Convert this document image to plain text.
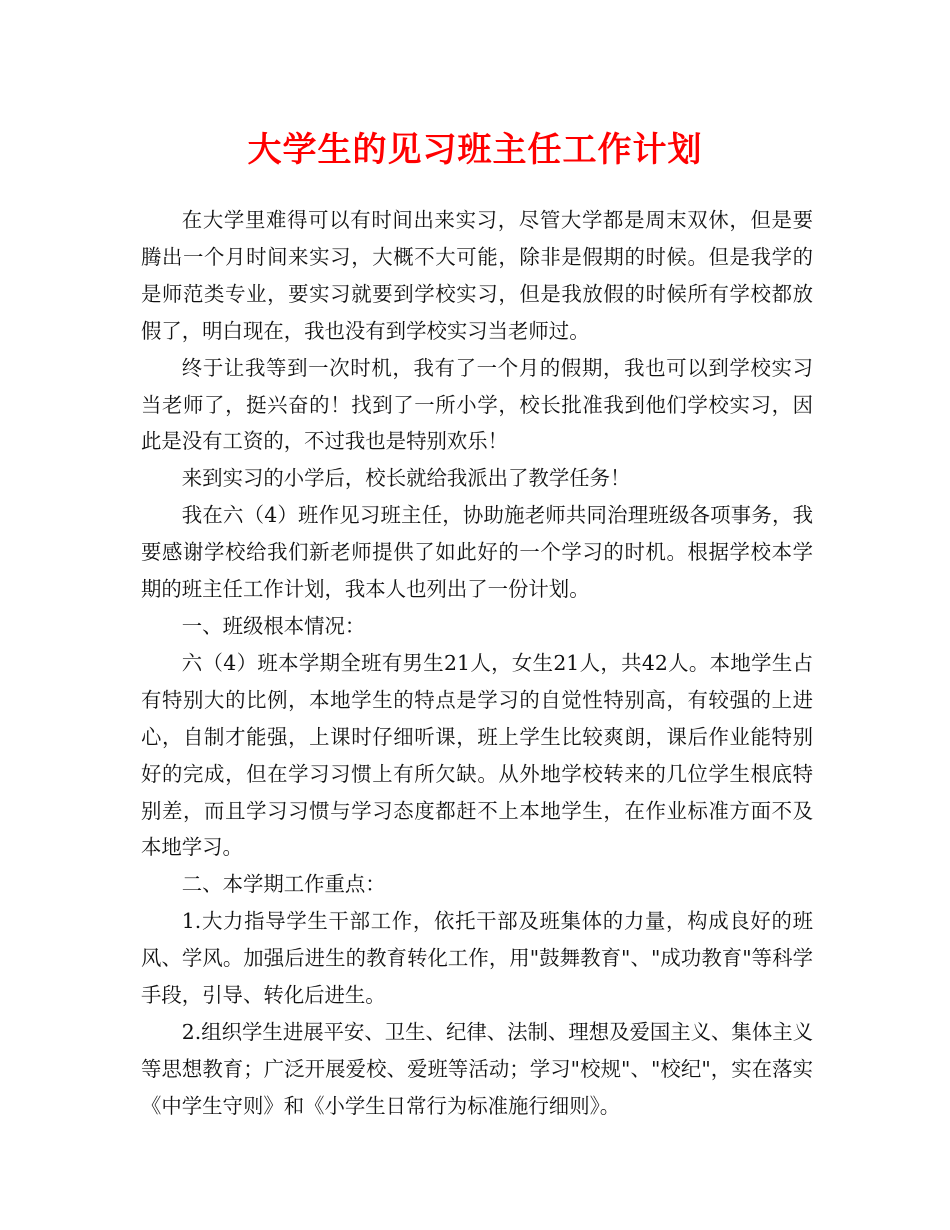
大学生的见习班主任工作计划

在大学里难得可以有时间出来实习，尽管大学都是周末双休，但是要腾出一个月时间来实习，大概不大可能，除非是假期的时候。但是我学的是师范类专业，要实习就要到学校实习，但是我放假的时候所有学校都放假了，明白现在，我也没有到学校实习当老师过。

终于让我等到一次时机，我有了一个月的假期，我也可以到学校实习当老师了，挺兴奋的！找到了一所小学，校长批准我到他们学校实习，因此是没有工资的，不过我也是特别欢乐！

来到实习的小学后，校长就给我派出了教学任务！

我在六（4）班作见习班主任，协助施老师共同治理班级各项事务，我要感谢学校给我们新老师提供了如此好的一个学习的时机。根据学校本学期的班主任工作计划，我本人也列出了一份计划。

一、班级根本情况：

六（4）班本学期全班有男生21人，女生21人，共42人。本地学生占有特别大的比例，本地学生的特点是学习的自觉性特别高，有较强的上进心，自制才能强，上课时仔细听课，班上学生比较爽朗，课后作业能特别好的完成，但在学习习惯上有所欠缺。从外地学校转来的几位学生根底特别差，而且学习习惯与学习态度都赶不上本地学生，在作业标准方面不及本地学习。

二、本学期工作重点：

1.大力指导学生干部工作，依托干部及班集体的力量，构成良好的班风、学风。加强后进生的教育转化工作，用"鼓舞教育"、"成功教育"等科学手段，引导、转化后进生。

2.组织学生进展平安、卫生、纪律、法制、理想及爱国主义、集体主义等思想教育；广泛开展爱校、爱班等活动；学习"校规"、"校纪"，实在落实《中学生守则》和《小学生日常行为标准施行细则》。
